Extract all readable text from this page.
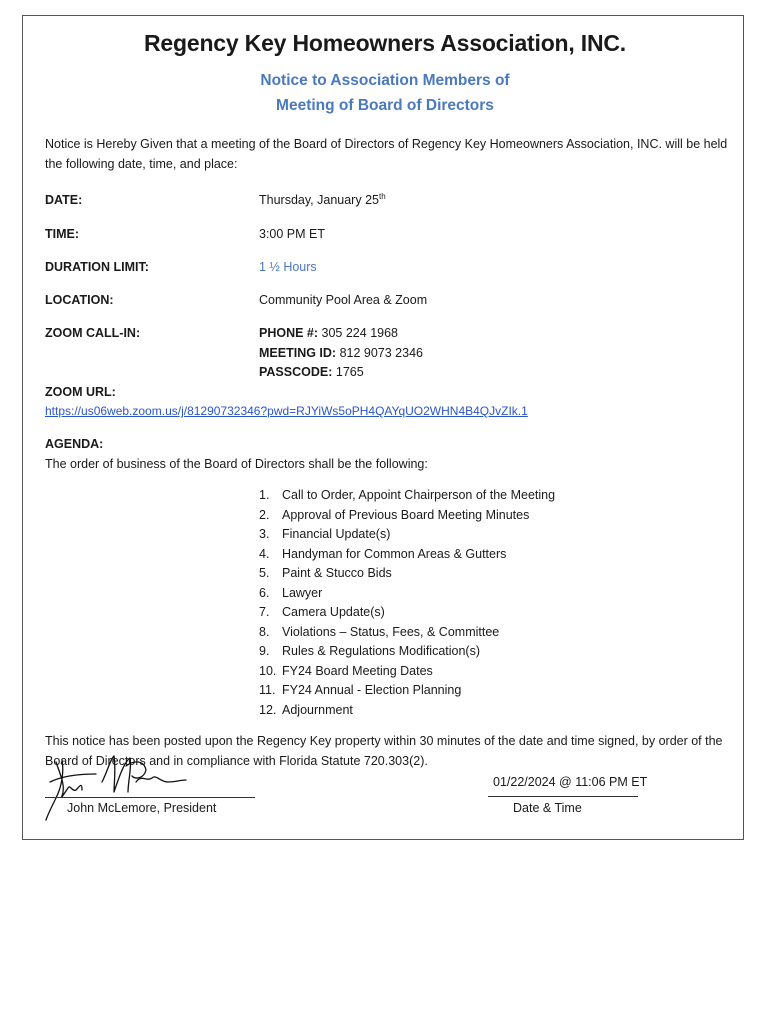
Regency Key Homeowners Association, INC.
Notice to Association Members of
Meeting of Board of Directors
Notice is Hereby Given that a meeting of the Board of Directors of Regency Key Homeowners Association, INC. will be held the following date, time, and place:
DATE:	Thursday, January 25th
TIME:	3:00 PM ET
DURATION LIMIT:	1 ½ Hours
LOCATION:	Community Pool Area & Zoom
ZOOM CALL-IN:	PHONE #: 305 224 1968
MEETING ID: 812 9073 2346
PASSCODE: 1765
ZOOM URL:
https://us06web.zoom.us/j/81290732346?pwd=RJYiWs5oPH4QAYqUO2WHN4B4QJvZIk.1
AGENDA:
The order of business of the Board of Directors shall be the following:
1. Call to Order, Appoint Chairperson of the Meeting
2. Approval of Previous Board Meeting Minutes
3. Financial Update(s)
4. Handyman for Common Areas & Gutters
5. Paint & Stucco Bids
6. Lawyer
7. Camera Update(s)
8. Violations – Status, Fees, & Committee
9. Rules & Regulations Modification(s)
10. FY24 Board Meeting Dates
11. FY24 Annual - Election Planning
12. Adjournment
This notice has been posted upon the Regency Key property within 30 minutes of the date and time signed, by order of the Board of Directors and in compliance with Florida Statute 720.303(2).
John McLemore, President
01/22/2024 @ 11:06 PM ET
Date & Time
